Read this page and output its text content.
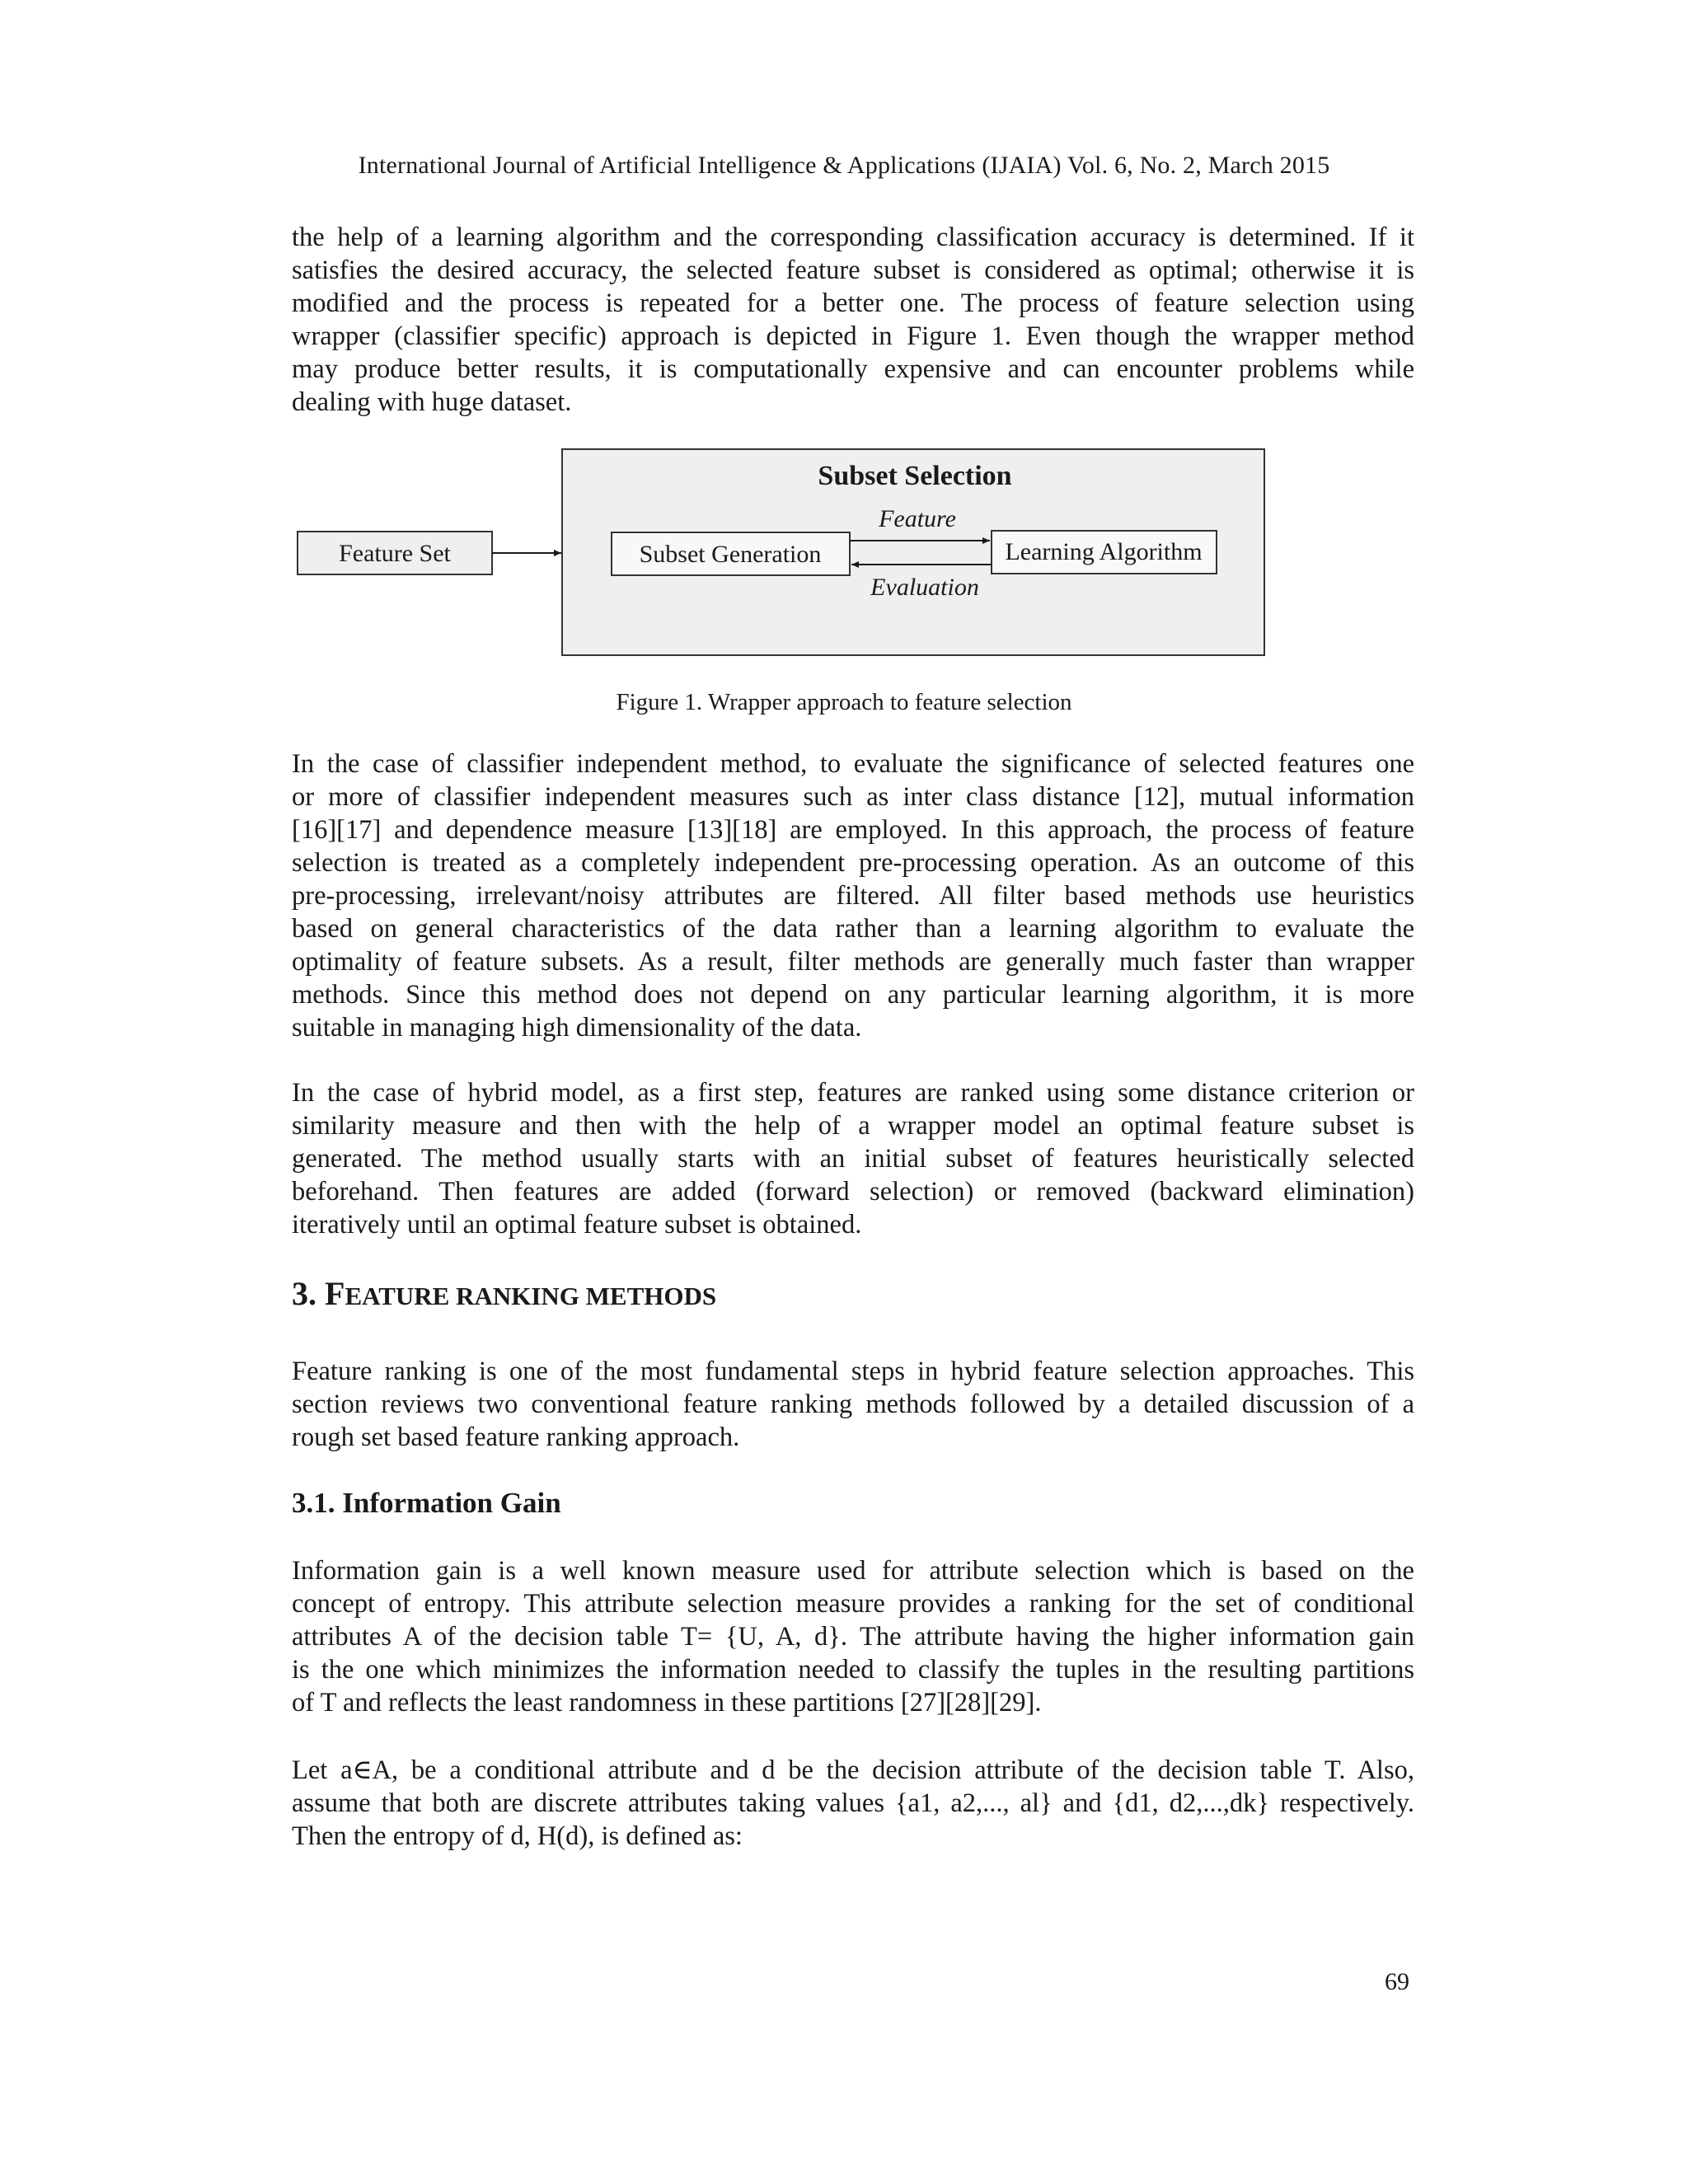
International Journal of Artificial Intelligence & Applications (IJAIA) Vol. 6, No. 2, March 2015
the help of a learning algorithm and the corresponding classification accuracy is determined. If it
satisfies the desired accuracy, the selected feature subset is considered as optimal; otherwise it is
modified and the process is repeated for a better one. The process of feature selection using
wrapper (classifier specific) approach is depicted in Figure 1. Even though the wrapper method
may produce better results, it is computationally expensive and can encounter problems while
dealing with huge dataset.
Subset Selection
Feature Set	Subset Generation	Learning Algorithm
Feature
Evaluation
Figure 1. Wrapper approach to feature selection
In the case of classifier independent method, to evaluate the significance of selected features one
or more of classifier independent measures such as inter class distance [12], mutual information
[16][17] and dependence measure [13][18] are employed. In this approach, the process of feature
selection is treated as a completely independent pre-processing operation. As an outcome of this
pre-processing, irrelevant/noisy attributes are filtered. All filter based methods use heuristics
based on general characteristics of the data rather than a learning algorithm to evaluate the
optimality of feature subsets. As a result, filter methods are generally much faster than wrapper
methods. Since this method does not depend on any particular learning algorithm, it is more
suitable in managing high dimensionality of the data.
In the case of hybrid model, as a first step, features are ranked using some distance criterion or
similarity measure and then with the help of a wrapper model an optimal feature subset is
generated. The method usually starts with an initial subset of features heuristically selected
beforehand. Then features are added (forward selection) or removed (backward elimination)
iteratively until an optimal feature subset is obtained.
3. FEATURE RANKING METHODS
Feature ranking is one of the most fundamental steps in hybrid feature selection approaches. This
section reviews two conventional feature ranking methods followed by a detailed discussion of a
rough set based feature ranking approach.
3.1. Information Gain
Information gain is a well known measure used for attribute selection which is based on the
concept of entropy. This attribute selection measure provides a ranking for the set of conditional
attributes A of the decision table T= {U, A, d}. The attribute having the higher information gain
is the one which minimizes the information needed to classify the tuples in the resulting partitions
of T and reflects the least randomness in these partitions [27][28][29].
Let a∈A, be a conditional attribute and d be the decision attribute of the decision table T. Also,
assume that both are discrete attributes taking values {a1, a2,..., al} and {d1, d2,...,dk} respectively.
Then the entropy of d, H(d), is defined as:
69
